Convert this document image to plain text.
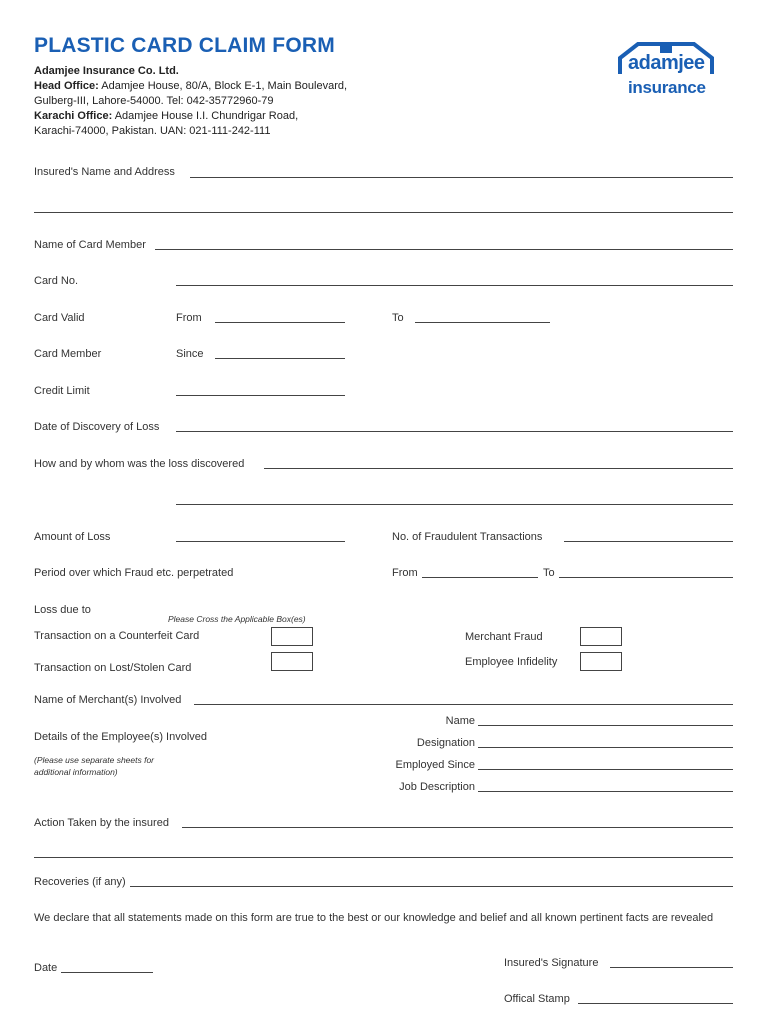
PLASTIC CARD CLAIM FORM
Adamjee Insurance Co. Ltd.
Head Office: Adamjee House, 80/A, Block E-1, Main Boulevard,
Gulberg-III, Lahore-54000. Tel: 042-35772960-79
Karachi Office: Adamjee House I.I. Chundrigar Road,
Karachi-74000, Pakistan. UAN: 021-111-242-111
adamjee
insurance
Insured's Name and Address
Name of Card Member
Card No.
Card Valid	From	To
Card Member	Since
Credit Limit
Date of Discovery of Loss
How and by whom was the loss discovered
Amount of Loss	No. of Fraudulent Transactions
Period over which Fraud etc. perpetrated	From	To
Loss due to
Please Cross the Applicable Box(es)
Transaction on a Counterfeit Card	Merchant Fraud
Transaction on Lost/Stolen Card	Employee Infidelity
Name of Merchant(s) Involved
Details of the Employee(s) Involved
(Please use separate sheets for
additional information)
Name
Designation
Employed Since
Job Description
Action Taken by the insured
Recoveries (if any)
We declare that all statements made on this form are true to the best or our knowledge and belief and all known pertinent facts are revealed
Date	Insured's Signature
Offical Stamp
